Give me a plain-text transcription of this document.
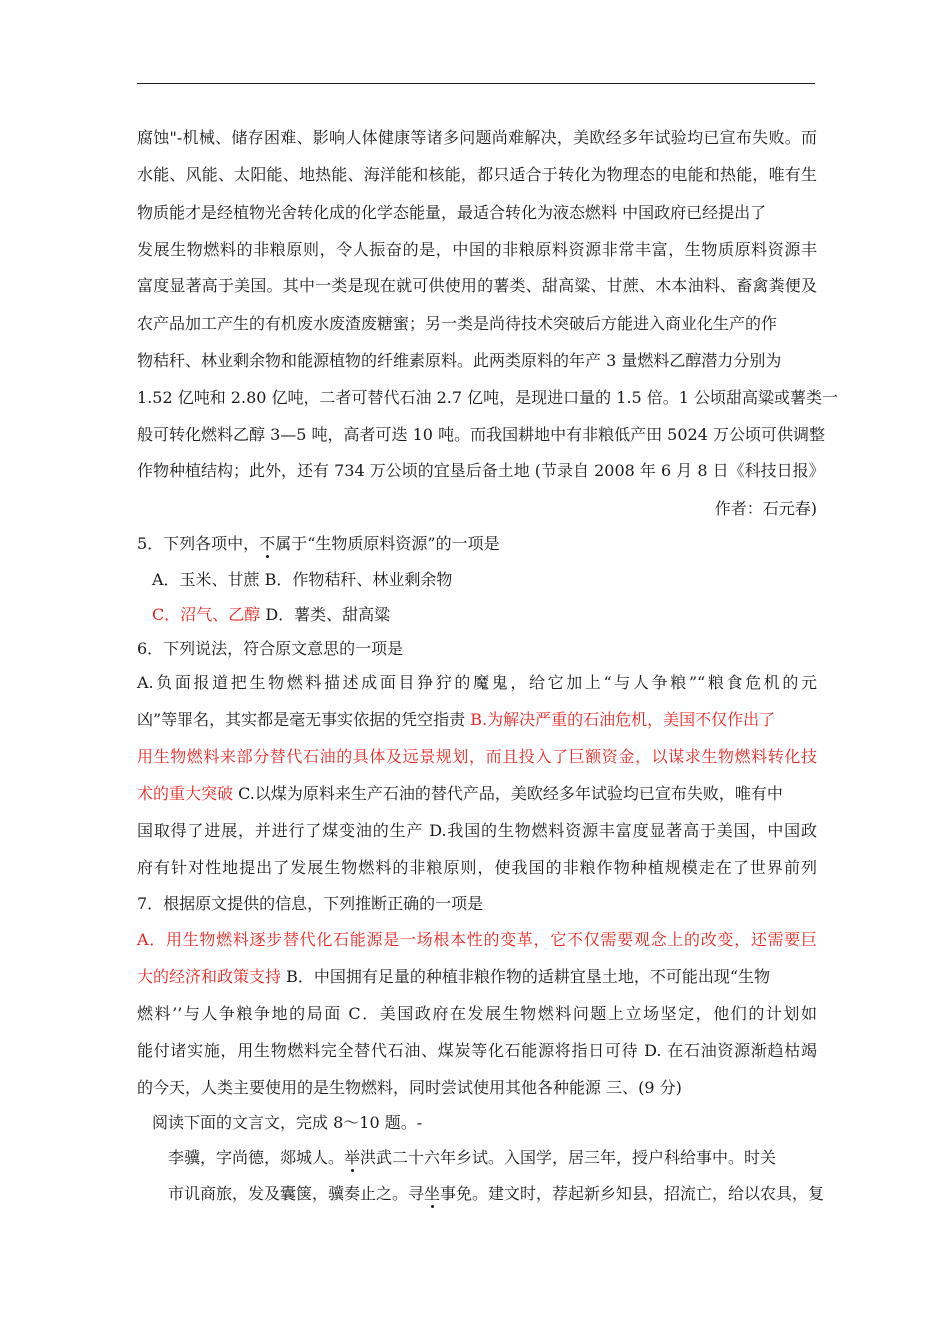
腐蚀"-机械、储存困难、影响人体健康等诸多问题尚难解决，美欧经多年试验均已宣布失败。而
水能、风能、太阳能、地热能、海洋能和核能，都只适合于转化为物理态的电能和热能，唯有生
物质能才是经植物光舍转化成的化学态能量，最适合转化为液态燃料 中国政府已经提出了
发展生物燃料的非粮原则，令人振奋的是，中国的非粮原料资源非常丰富，生物质原料资源丰
富度显著高于美国。其中一类是现在就可供使用的薯类、甜高粱、甘蔗、木本油料、畜禽粪便及
农产品加工产生的有机废水废渣废糖蜜；另一类是尚待技术突破后方能进入商业化生产的作
物秸秆、林业剩余物和能源植物的纤维素原料。此两类原料的年产 3 量燃料乙醇潜力分别为
1.52 亿吨和 2.80 亿吨，二者可替代石油 2.7 亿吨，是现进口量的 1.5 倍。1 公顷甜高粱或薯类一
般可转化燃料乙醇 3—5 吨，高者可迭 10 吨。而我国耕地中有非粮低产田 5024 万公顷可供调整
作物种植结构；此外，还有 734 万公顷的宜垦后备土地 (节录自 2008 年 6 月 8 日《科技日报》
作者：石元春)
5．下列各项中，不属于“生物质原料资源”的一项是
A．玉米、甘蔗 B．作物秸秆、林业剩余物
C．沼气、乙醇 D．薯类、甜高粱
6．下列说法，符合原文意思的一项是
A.负面报道把生物燃料描述成面目狰狞的魔鬼，给它加上“与人争粮”“粮食危机的元
凶”等罪名，其实都是毫无事实依据的凭空指责 B.为解决严重的石油危机，美国不仅作出了
用生物燃料来部分替代石油的具体及远景规划，而且投入了巨额资金，以谋求生物燃料转化技
术的重大突破 C.以煤为原料来生产石油的替代产品，美欧经多年试验均已宣布失败，唯有中
国取得了进展，并进行了煤变油的生产 D.我国的生物燃料资源丰富度显著高于美国，中国政
府有针对性地提出了发展生物燃料的非粮原则，使我国的非粮作物种植规模走在了世界前列
7．根据原文提供的信息，下列推断正确的一项是
A．用生物燃料逐步替代化石能源是一场根本性的变革，它不仅需要观念上的改变，还需要巨
大的经济和政策支持 B．中国拥有足量的种植非粮作物的适耕宜垦土地，不可能出现“生物
燃料’’与人争粮争地的局面 C．美国政府在发展生物燃料问题上立场坚定，他们的计划如
能付诸实施，用生物燃料完全替代石油、煤炭等化石能源将指日可待 D. 在石油资源渐趋枯竭
的今天，人类主要使用的是生物燃料，同时尝试使用其他各种能源 三、(9 分)
阅读下面的文言文，完成 8～10 题。-
李骥，字尚德，郯城人。举洪武二十六年乡试。入国学，居三年，授户科给事中。时关
市讥商旅，发及囊箧，骥奏止之。寻坐事免。建文时，荐起新乡知县，招流亡，给以农具，复
